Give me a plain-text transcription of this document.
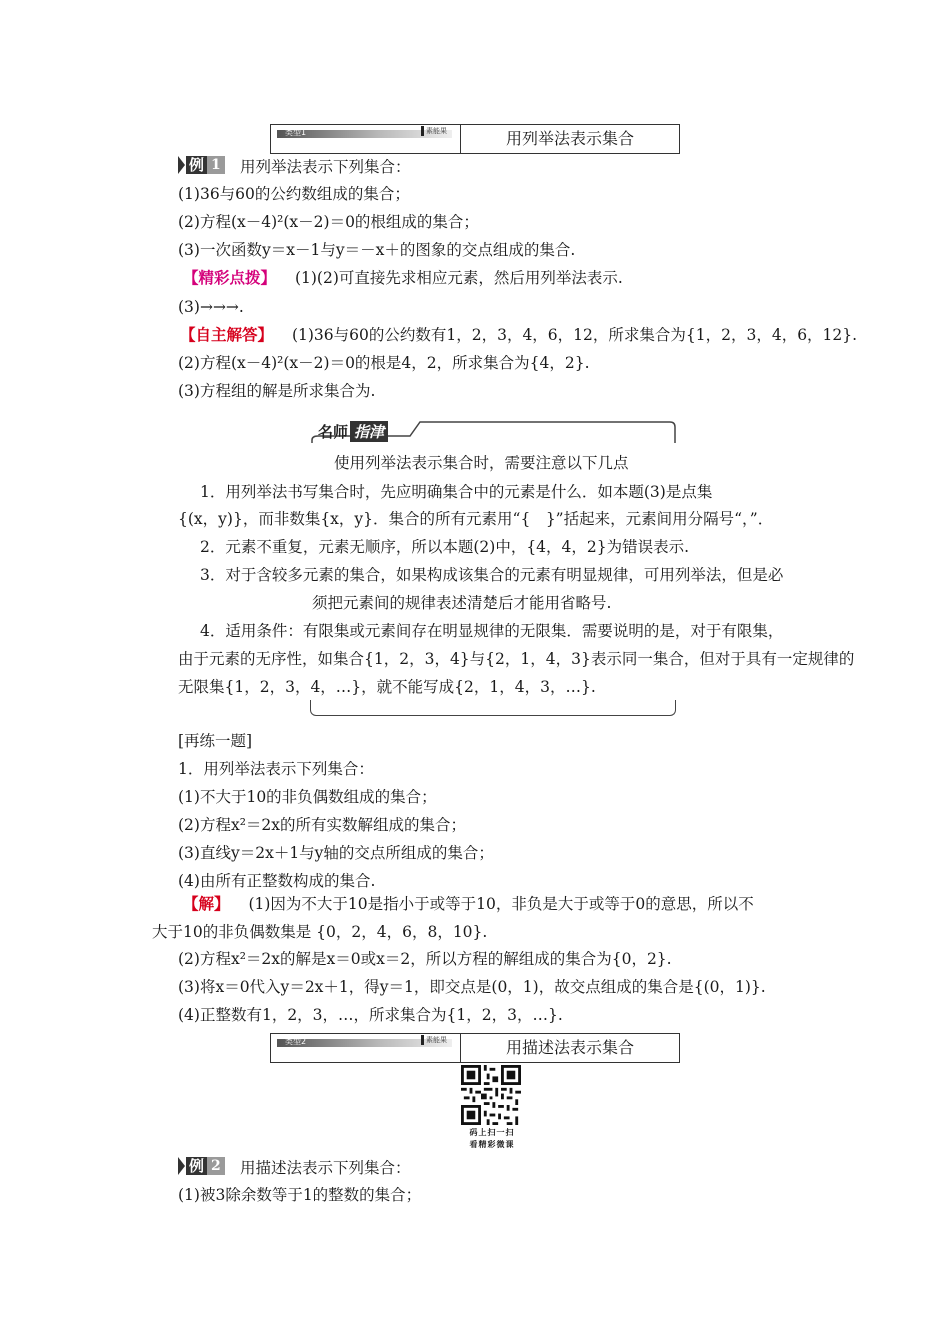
类型1	素能果	用列举法表示集合
例 1 用列举法表示下列集合：
(1)36与60的公约数组成的集合；
(2)方程(x－4)²(x－2)＝0的根组成的集合；
(3)一次函数y＝x－1与y＝－x＋的图象的交点组成的集合.
【精彩点拨】 (1)(2)可直接先求相应元素，然后用列举法表示.
(3)→→→.
【自主解答】 (1)36与60的公约数有1，2，3，4，6，12，所求集合为{1，2，3，4，6，12}.
(2)方程(x－4)²(x－2)＝0的根是4，2，所求集合为{4，2}.
(3)方程组的解是所求集合为.
名师 指津
使用列举法表示集合时，需要注意以下几点
1．用列举法书写集合时，先应明确集合中的元素是什么．如本题(3)是点集
{(x，y)}，而非数集{x，y}．集合的所有元素用“{　}”括起来，元素间用分隔号“，”．
2．元素不重复，元素无顺序，所以本题(2)中，{4，4，2}为错误表示.
3．对于含较多元素的集合，如果构成该集合的元素有明显规律，可用列举法，但是必
须把元素间的规律表述清楚后才能用省略号.
4．适用条件：有限集或元素间存在明显规律的无限集．需要说明的是，对于有限集，
由于元素的无序性，如集合{1，2，3，4}与{2，1，4，3}表示同一集合，但对于具有一定规律的
无限集{1，2，3，4，…}，就不能写成{2，1，4，3，…}.
[再练一题]
1．用列举法表示下列集合：
(1)不大于10的非负偶数组成的集合；
(2)方程x²＝2x的所有实数解组成的集合；
(3)直线y＝2x＋1与y轴的交点所组成的集合；
(4)由所有正整数构成的集合.
【解】 (1)因为不大于10是指小于或等于10，非负是大于或等于0的意思，所以不
大于10的非负偶数集是 {0，2，4，6，8，10}.
(2)方程x²＝2x的解是x＝0或x＝2，所以方程的解组成的集合为{0，2}.
(3)将x＝0代入y＝2x＋1，得y＝1，即交点是(0，1)，故交点组成的集合是{(0，1)}.
(4)正整数有1，2，3，…，所求集合为{1，2，3，…}.
类型2	素能果	用描述法表示集合
码上扫一扫
看精彩微课
例 2 用描述法表示下列集合：
(1)被3除余数等于1的整数的集合；
